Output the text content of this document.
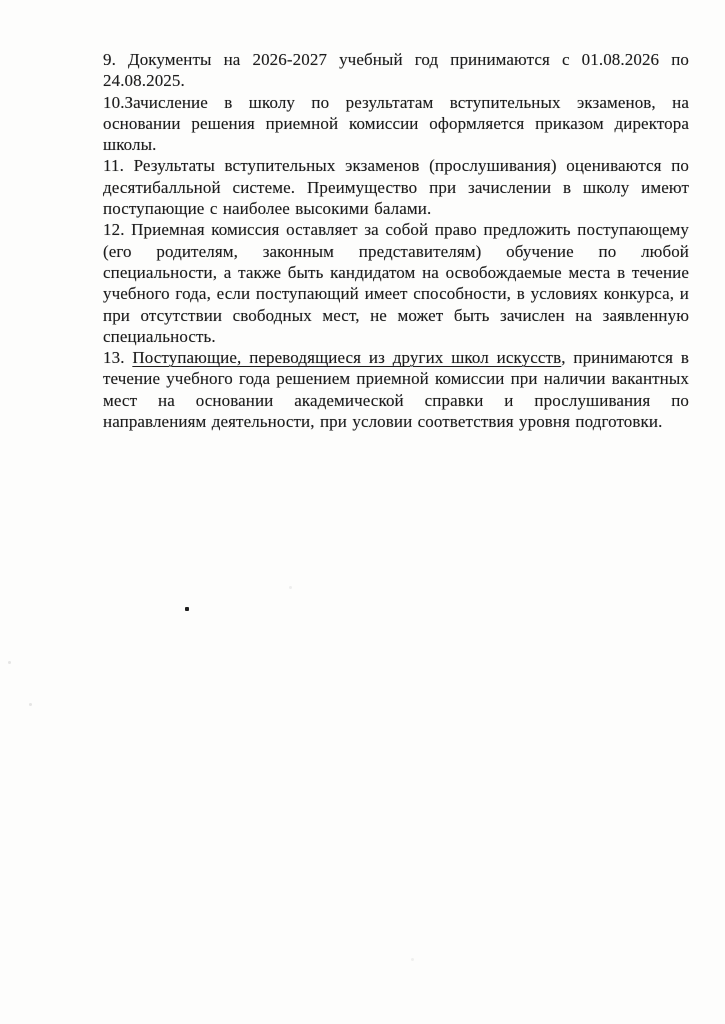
9. Документы на 2026-2027 учебный год принимаются с 01.08.2026 по 24.08.2025.

10.Зачисление в школу по результатам вступительных экзаменов, на основании решения приемной комиссии оформляется приказом директора школы.

11. Результаты вступительных экзаменов (прослушивания) оцениваются по десятибалльной системе. Преимущество при зачислении в школу имеют поступающие с наиболее высокими балами.

12. Приемная комиссия оставляет за собой право предложить поступающему (его родителям, законным представителям) обучение по любой специальности, а также быть кандидатом на освобождаемые места в течение учебного года, если поступающий имеет способности, в условиях конкурса, и при отсутствии свободных мест, не может быть зачислен на заявленную специальность.

13. Поступающие, переводящиеся из других школ искусств, принимаются в течение учебного года решением приемной комиссии при наличии вакантных мест на основании академической справки и прослушивания по направлениям деятельности, при условии соответствия уровня подготовки.
